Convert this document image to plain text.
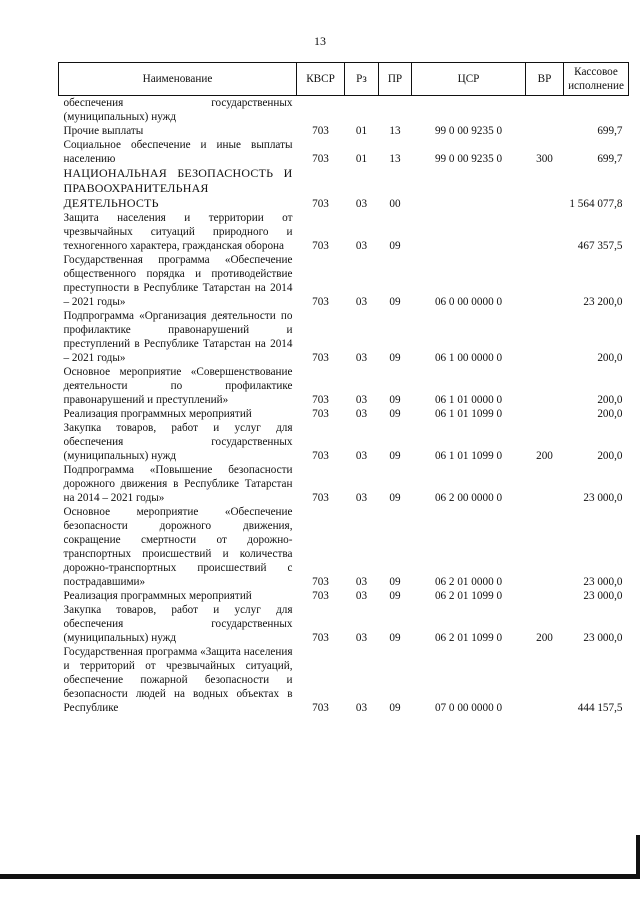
13
Наименование	КВСР	Рз	ПР	ЦСР	ВР	Кассовое исполнение
обеспечения государственных (муниципальных) нужд						
Прочие выплаты	703	01	13	99 0 00 9235 0		699,7
Социальное обеспечение и иные выплаты населению	703	01	13	99 0 00 9235 0	300	699,7
НАЦИОНАЛЬНАЯ БЕЗОПАСНОСТЬ И ПРАВООХРАНИТЕЛЬНАЯ ДЕЯТЕЛЬНОСТЬ	703	03	00			1 564 077,8
Защита населения и территории от чрезвычайных ситуаций природного и техногенного характера, гражданская оборона	703	03	09			467 357,5
Государственная программа «Обеспечение общественного порядка и противодействие преступности в Республике Татарстан на 2014 – 2021 годы»	703	03	09	06 0 00 0000 0		23 200,0
Подпрограмма «Организация деятельности по профилактике правонарушений и преступлений в Республике Татарстан на 2014 – 2021 годы»	703	03	09	06 1 00 0000 0		200,0
Основное мероприятие «Совершенствование деятельности по профилактике правонарушений и преступлений»	703	03	09	06 1 01 0000 0		200,0
Реализация программных мероприятий	703	03	09	06 1 01 1099 0		200,0
Закупка товаров, работ и услуг для обеспечения государственных (муниципальных) нужд	703	03	09	06 1 01 1099 0	200	200,0
Подпрограмма «Повышение безопасности дорожного движения в Республике Татарстан на 2014 – 2021 годы»	703	03	09	06 2 00 0000 0		23 000,0
Основное мероприятие «Обеспечение безопасности дорожного движения, сокращение смертности от дорожно-транспортных происшествий и количества дорожно-транспортных происшествий с пострадавшими»	703	03	09	06 2 01 0000 0		23 000,0
Реализация программных мероприятий	703	03	09	06 2 01 1099 0		23 000,0
Закупка товаров, работ и услуг для обеспечения государственных (муниципальных) нужд	703	03	09	06 2 01 1099 0	200	23 000,0
Государственная программа «Защита населения и территорий от чрезвычайных ситуаций, обеспечение пожарной безопасности и безопасности людей на водных объектах в Республике	703	03	09	07 0 00 0000 0		444 157,5
